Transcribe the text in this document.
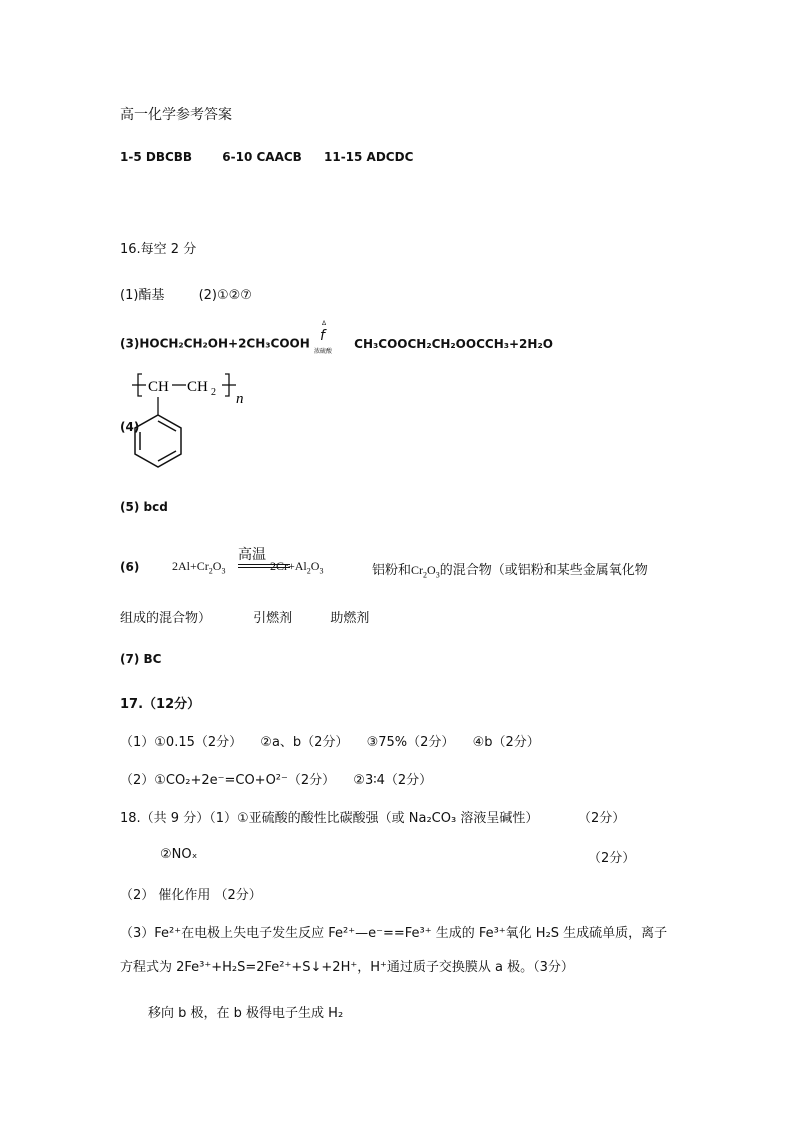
高一化学参考答案
1-5 DBCBB	6-10 CAACB 11-15 ADCDC
16.每空 2 分
(1)酯基	(2)①②⑦
(3)HOCH₂CH₂OH+2CH₃COOH
Δ
f
浓硫酸
CH₃COOCH₂CH₂OOCCH₃+2H₂O
(4)
CH CH 2 n
(5) bcd
(6)	$2Al+Cr_2O_3$
高温
$2Cr+Al_2O_3$	铝粉和$Cr_2O_3$的混合物（或铝粉和某些金属氧化物
组成的混合物）	引燃剂	助燃剂
(7) BC
17.（12分）
（1）①0.15（2分） ②a、b（2分） ③75%（2分） ④b（2分）
（2）①CO₂+2e⁻=CO+O²⁻（2分） ②3∶4（2分）
18.（共 9 分）（1）①亚硫酸的酸性比碳酸强（或 Na₂CO₃ 溶液呈碱性）	（2分）
②NOₓ	（2分）
（2） 催化作用 （2分）
（3）Fe²⁺在电极上失电子发生反应 Fe²⁺—e⁻==Fe³⁺ 生成的 Fe³⁺氧化 H₂S 生成硫单质，离子
方程式为 2Fe³⁺+H₂S=2Fe²⁺+S↓+2H⁺，H⁺通过质子交换膜从 a 极。（3分）
移向 b 极，在 b 极得电子生成 H₂
